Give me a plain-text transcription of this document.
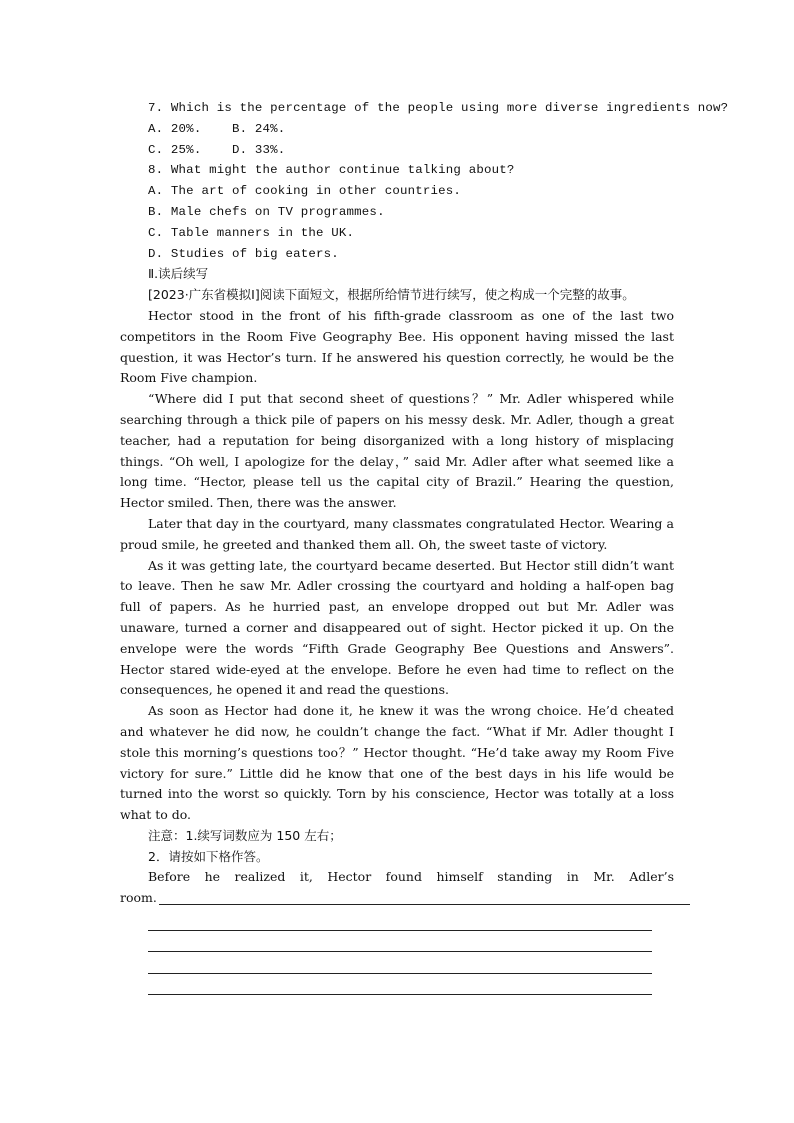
7. Which is the percentage of the people using more diverse ingredients now?
A. 20%.    B. 24%.
C. 25%.    D. 33%.
8. What might the author continue talking about?
A. The art of cooking in other countries.
B. Male chefs on TV programmes.
C. Table manners in the UK.
D. Studies of big eaters.
Ⅱ.读后续写

[2023·广东省模拟Ⅰ]阅读下面短文，根据所给情节进行续写，使之构成一个完整的故事。

Hector stood in the front of his fifth-grade classroom as one of the last two competitors in the Room Five Geography Bee. His opponent having missed the last question, it was Hector’s turn. If he answered his question correctly, he would be the Room Five champion.

“Where did I put that second sheet of questions？” Mr. Adler whispered while searching through a thick pile of papers on his messy desk. Mr. Adler, though a great teacher, had a reputation for being disorganized with a long history of misplacing things. “Oh well, I apologize for the delay，” said Mr. Adler after what seemed like a long time. “Hector, please tell us the capital city of Brazil.” Hearing the question, Hector smiled. Then, there was the answer.

Later that day in the courtyard, many classmates congratulated Hector. Wearing a proud smile, he greeted and thanked them all. Oh, the sweet taste of victory.

As it was getting late, the courtyard became deserted. But Hector still didn’t want to leave. Then he saw Mr. Adler crossing the courtyard and holding a half-open bag full of papers. As he hurried past, an envelope dropped out but Mr. Adler was unaware, turned a corner and disappeared out of sight. Hector picked it up. On the envelope were the words “Fifth Grade Geography Bee Questions and Answers”. Hector stared wide-eyed at the envelope. Before he even had time to reflect on the consequences, he opened it and read the questions.

As soon as Hector had done it, he knew it was the wrong choice. He’d cheated and whatever he did now, he couldn’t change the fact. “What if Mr. Adler thought I stole this morning’s questions too？” Hector thought. “He’d take away my Room Five victory for sure.” Little did he know that one of the best days in his life would be turned into the worst so quickly. Torn by his conscience, Hector was totally at a loss what to do.

注意：1.续写词数应为 150 左右；
2．请按如下格作答。

Before he realized it, Hector found himself standing in Mr. Adler’s

room.
